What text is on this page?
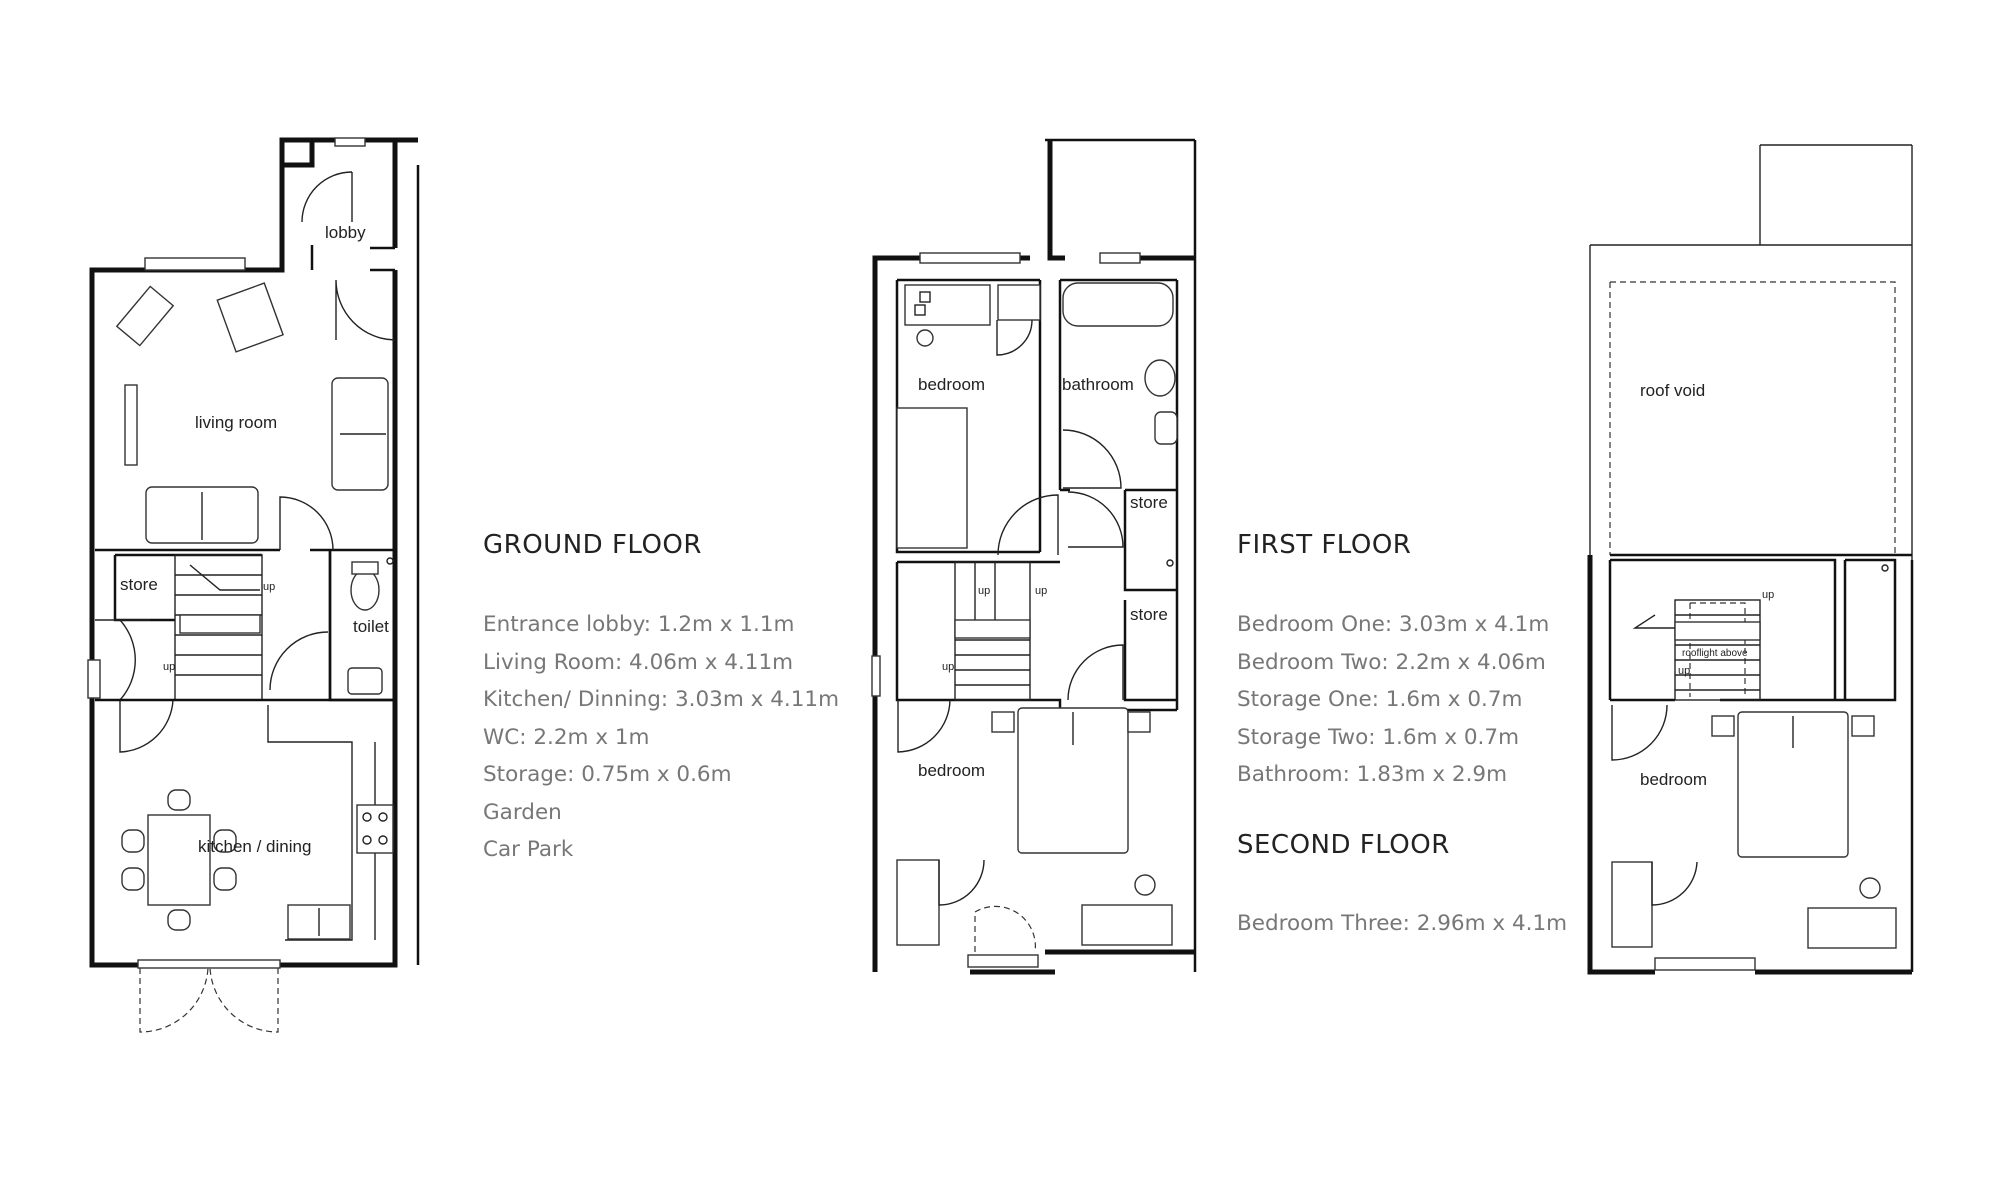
lobby
living room
store
toilet
kitchen / dining
up
up
bedroom	bathroom
store
store
bedroom
up	up
up
roof void
rooflight above
bedroom
up
up
GROUND FLOOR
Entrance lobby: 1.2m x 1.1m
Living Room: 4.06m x 4.11m
Kitchen/ Dinning: 3.03m x 4.11m
WC: 2.2m x 1m
Storage: 0.75m x 0.6m
Garden
Car Park
FIRST FLOOR
Bedroom One: 3.03m x 4.1m
Bedroom Two: 2.2m x 4.06m
Storage One: 1.6m x 0.7m
Storage Two: 1.6m x 0.7m
Bathroom: 1.83m x 2.9m
SECOND FLOOR
Bedroom Three: 2.96m x 4.1m
